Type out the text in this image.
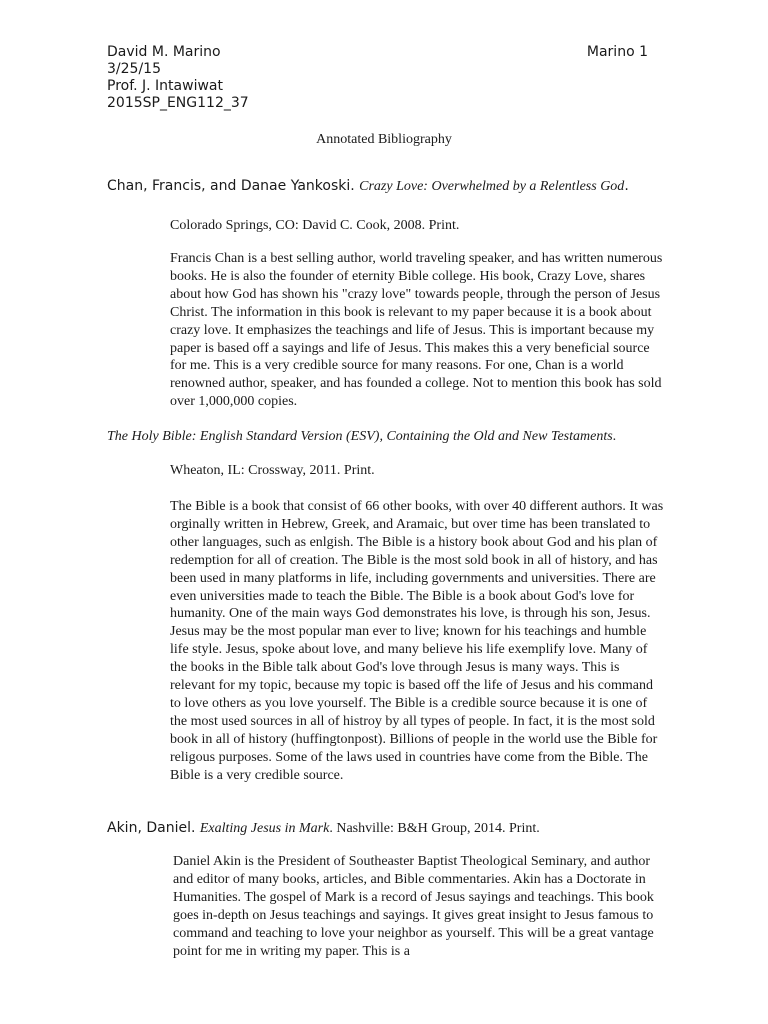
David M. Marino
3/25/15
Prof. J. Intawiwat
2015SP_ENG112_37
Marino 1
Annotated Bibliography
Chan, Francis, and Danae Yankoski. Crazy Love: Overwhelmed by a Relentless God.
Colorado Springs, CO: David C. Cook, 2008. Print.

Francis Chan is a best selling author, world traveling speaker, and has written numerous books. He is also the founder of eternity Bible college. His book, Crazy Love, shares about how God has shown his "crazy love" towards people, through the person of Jesus Christ. The information in this book is relevant to my paper because it is a book about crazy love. It emphasizes the teachings and life of Jesus. This is important because my paper is based off a sayings and life of Jesus. This makes this a very beneficial source for me. This is a very credible source for many reasons. For one, Chan is a world renowned author, speaker, and has founded a college. Not to mention this book has sold over 1,000,000 copies.

The Holy Bible: English Standard Version (ESV), Containing the Old and New Testaments.
Wheaton, IL: Crossway, 2011. Print.

The Bible is a book that consist of 66 other books, with over 40 different authors. It was orginally written in Hebrew, Greek, and Aramaic, but over time has been translated to other languages, such as enlgish. The Bible is a history book about God and his plan of redemption for all of creation. The Bible is the most sold book in all of history, and has been used in many platforms in life, including governments and universities. There are even universities made to teach the Bible. The Bible is a book about God's love for humanity. One of the main ways God demonstrates his love, is through his son, Jesus. Jesus may be the most popular man ever to live; known for his teachings and humble life style. Jesus, spoke about love, and many believe his life exemplify love. Many of the books in the Bible talk about God's love through Jesus is many ways. This is relevant for my topic, because my topic is based off the life of Jesus and his command to love others as you love yourself. The Bible is a credible source because it is one of the most used sources in all of histroy by all types of people. In fact, it is the most sold book in all of history (huffingtonpost). Billions of people in the world use the Bible for religous purposes. Some of the laws used in countries have come from the Bible. The Bible is a very credible source.

Akin, Daniel. Exalting Jesus in Mark. Nashville: B&H Group, 2014. Print.

Daniel Akin is the President of Southeaster Baptist Theological Seminary, and author and editor of many books, articles, and Bible commentaries. Akin has a Doctorate in Humanities. The gospel of Mark is a record of Jesus sayings and teachings. This book goes in-depth on Jesus teachings and sayings. It gives great insight to Jesus famous to command and teaching to love your neighbor as yourself. This will be a great vantage point for me in writing my paper. This is a
